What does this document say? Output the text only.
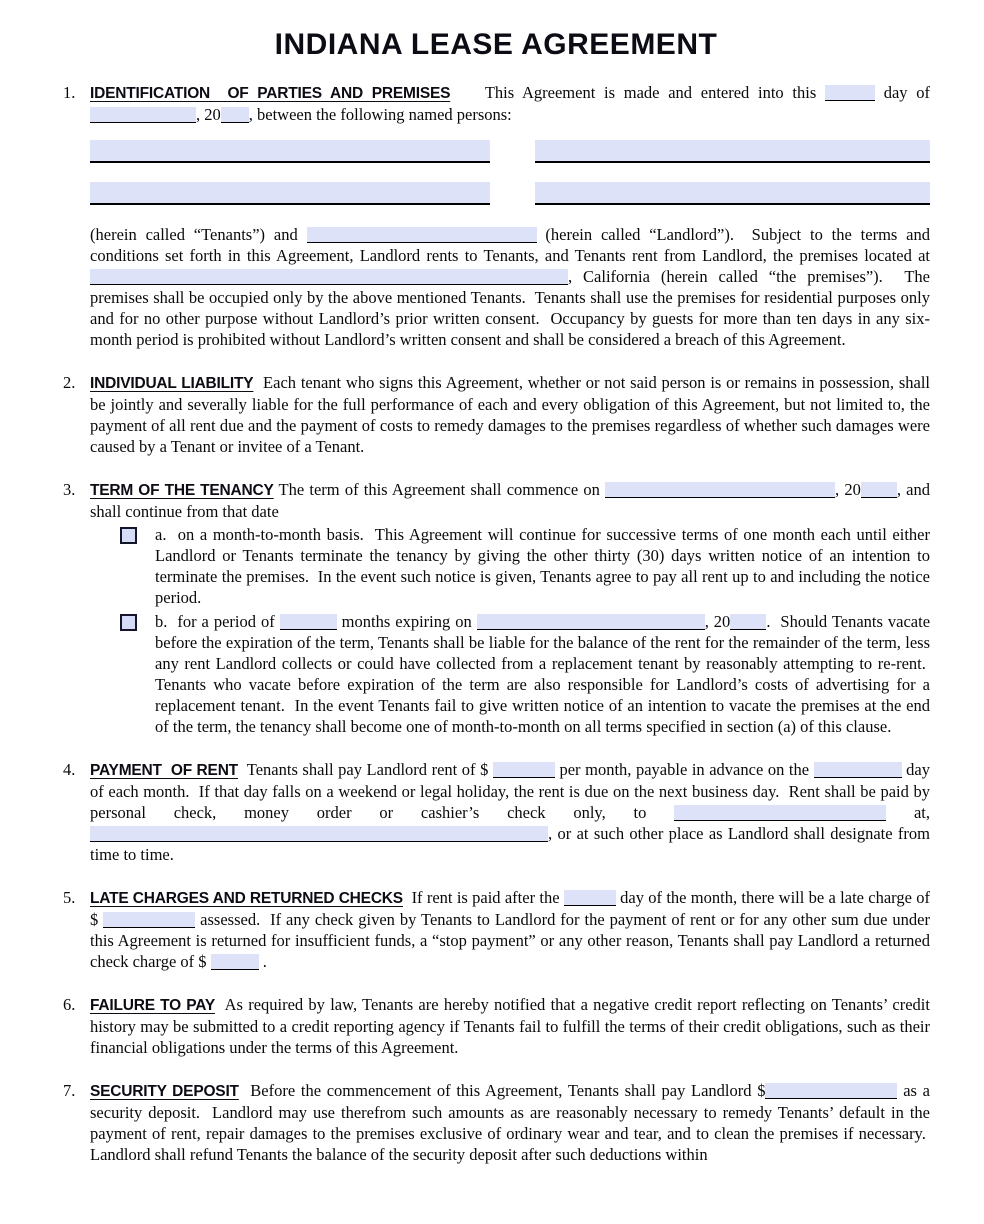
INDIANA LEASE AGREEMENT
1. IDENTIFICATION  OF PARTIES AND PREMISES    This Agreement is made and entered into this	day of , 20 , between the following named persons:
(herein called “Tenants”) and	(herein called “Landlord”).  Subject to the terms and conditions set forth in this Agreement, Landlord rents to Tenants, and Tenants rent from Landlord, the premises located at , California (herein called “the premises”).  The premises shall be occupied only by the above mentioned Tenants.  Tenants shall use the premises for residential purposes only and for no other purpose without Landlord’s prior written consent.  Occupancy by guests for more than ten days in any six-month period is prohibited without Landlord’s written consent and shall be considered a breach of this Agreement.
2. INDIVIDUAL LIABILITY  Each tenant who signs this Agreement, whether or not said person is or remains in possession, shall be jointly and severally liable for the full performance of each and every obligation of this Agreement, but not limited to, the payment of all rent due and the payment of costs to remedy damages to the premises regardless of whether such damages were caused by a Tenant or invitee of a Tenant.
3. TERM OF THE TENANCY The term of this Agreement shall commence on	, 20 , and shall continue from that date
a.  on a month-to-month basis.  This Agreement will continue for successive terms of one month each until either Landlord or Tenants terminate the tenancy by giving the other thirty (30) days written notice of an intention to terminate the premises.  In the event such notice is given, Tenants agree to pay all rent up to and including the notice period.
b.  for a period of	months expiring on	, 20 .  Should Tenants vacate before the expiration of the term, Tenants shall be liable for the balance of the rent for the remainder of the term, less any rent Landlord collects or could have collected from a replacement tenant by reasonably attempting to re-rent.  Tenants who vacate before expiration of the term are also responsible for Landlord’s costs of advertising for a replacement tenant.  In the event Tenants fail to give written notice of an intention to vacate the premises at the end of the term, the tenancy shall become one of month-to-month on all terms specified in section (a) of this clause.
4. PAYMENT  OF RENT  Tenants shall pay Landlord rent of $	per month, payable in advance on the	day of each month.  If that day falls on a weekend or legal holiday, the rent is due on the next business day.  Rent shall be paid by personal check, money order or cashier’s check only, to	at, , or at such other place as Landlord shall designate from time to time.
5. LATE CHARGES AND RETURNED CHECKS  If rent is paid after the	day of the month, there will be a late charge of $	assessed.  If any check given by Tenants to Landlord for the payment of rent or for any other sum due under this Agreement is returned for insufficient funds, a “stop payment” or any other reason, Tenants shall pay Landlord a returned check charge of $	.
6. FAILURE TO PAY  As required by law, Tenants are hereby notified that a negative credit report reflecting on Tenants’ credit history may be submitted to a credit reporting agency if Tenants fail to fulfill the terms of their credit obligations, such as their financial obligations under the terms of this Agreement.
7. SECURITY DEPOSIT  Before the commencement of this Agreement, Tenants shall pay Landlord $	as a security deposit.  Landlord may use therefrom such amounts as are reasonably necessary to remedy Tenants’ default in the payment of rent, repair damages to the premises exclusive of ordinary wear and tear, and to clean the premises if necessary.  Landlord shall refund Tenants the balance of the security deposit after such deductions within
